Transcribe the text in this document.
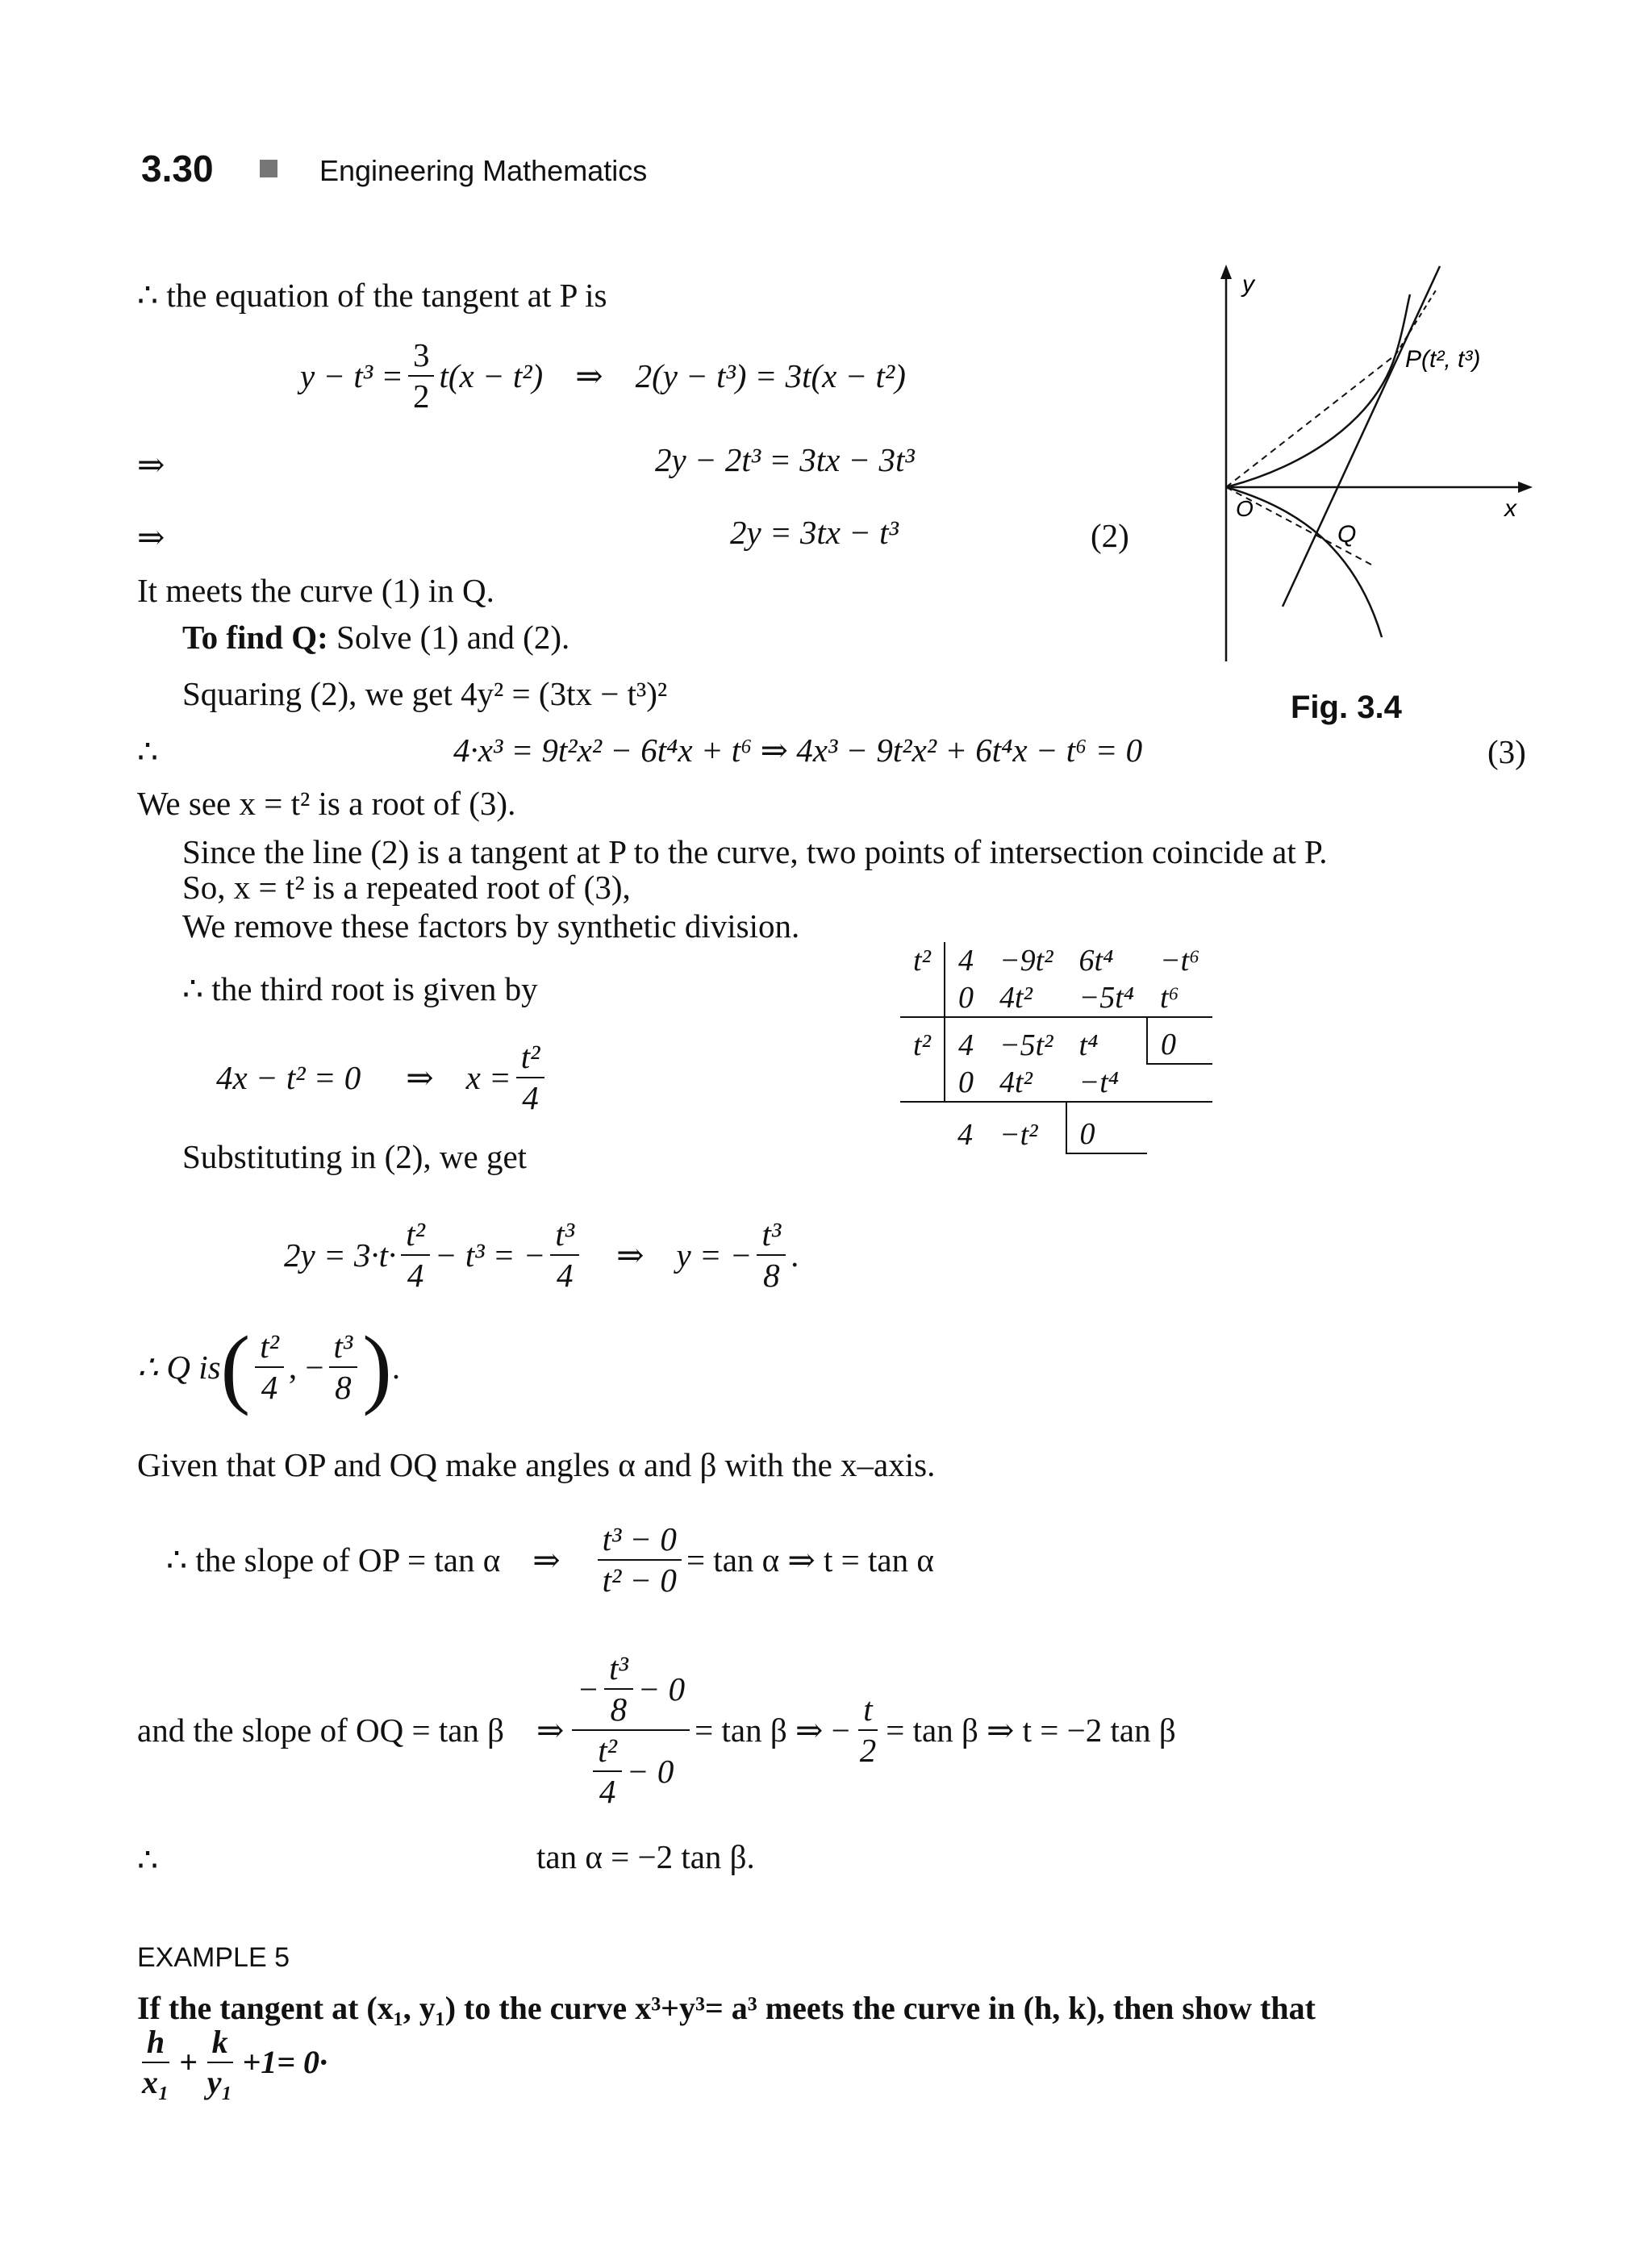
3.30	Engineering Mathematics
y
x
O
P(t², t³)
Q
Fig. 3.4
∴ the equation of the tangent at P is
$y - t^3 = \frac{3}{2} t(x - t^2)$ ⇒ 2(y − t³) = 3t(x − t²)
⇒	2y − 2t³ = 3tx − 3t³
⇒	2y = 3tx − t³	(2)
It meets the curve (1) in Q.
To find Q: Solve (1) and (2).
Squaring (2), we get 4y² = (3tx − t³)²
∴	4·x³ = 9t²x² − 6t⁴x + t⁶ ⇒ 4x³ − 9t²x² + 6t⁴x − t⁶ = 0	(3)
We see x = t² is a root of (3).
Since the line (2) is a tangent at P to the curve, two points of intersection coincide at P.
So, x = t² is a repeated root of (3),
We remove these factors by synthetic division.
t²	4	−9t²	6t⁴	−t⁶
	0	4t²	−5t⁴	t⁶
t²	4	−5t²	t⁴	0
	0	4t²	−t⁴	
	4	−t²	0	
∴ the third root is given by
4x − t² = 0 ⇒ $x = \frac{\text{t²}}{4}$
Substituting in (2), we get
$2y = 3\cdot t\cdot \frac{\text{t²}}{4} - t^3$ = − $\frac{\text{t³}}{4}$ ⇒ y = − $\frac{\text{t³}}{8}$ .
∴ Q is ( $\frac{\text{t²}}{4}$ , − $\frac{\text{t³}}{8}$ ) .
Given that OP and OQ make angles α and β with the x–axis.
∴ the slope of OP = tan α ⇒ $\frac{\text{t³ − 0}}{\text{t² − 0}} = \tan \alpha$ ⇒ t = tan α
and the slope of OQ = tan β ⇒ $\frac{- \frac{\text{t³}}{8} - 0}{\frac{\text{t²}}{4} - 0} = \tan \beta$ ⇒ − $\frac{t}{2} = \tan \beta$ ⇒ t = −2 tan β
∴	tan α = −2 tan β.
EXAMPLE 5
If the tangent at (x₁, y₁) to the curve x³+y³= a³ meets the curve in (h, k), then show that
$\frac{h}{\text{x₁}} + \frac{k}{\text{y₁}} +1= 0\cdot$
